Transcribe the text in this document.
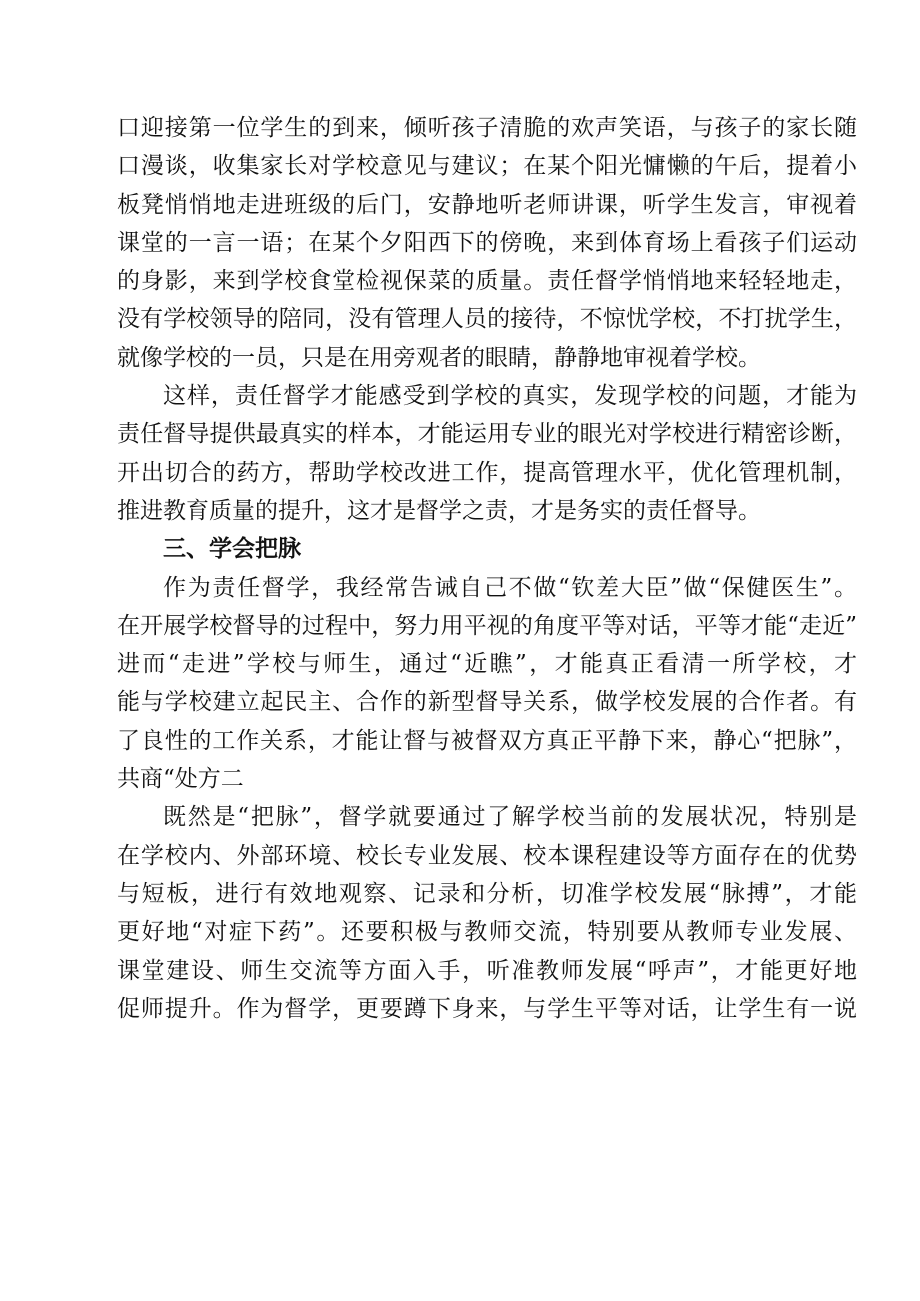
口迎接第一位学生的到来，倾听孩子清脆的欢声笑语，与孩子的家长随
口漫谈，收集家长对学校意见与建议；在某个阳光慵懒的午后，提着小
板凳悄悄地走进班级的后门，安静地听老师讲课，听学生发言，审视着
课堂的一言一语；在某个夕阳西下的傍晚，来到体育场上看孩子们运动
的身影，来到学校食堂检视保菜的质量。责任督学悄悄地来轻轻地走，
没有学校领导的陪同，没有管理人员的接待，不惊忧学校，不打扰学生，
就像学校的一员，只是在用旁观者的眼睛，静静地审视着学校。
这样，责任督学才能感受到学校的真实，发现学校的问题，才能为
责任督导提供最真实的样本，才能运用专业的眼光对学校进行精密诊断，
开出切合的药方，帮助学校改进工作，提高管理水平，优化管理机制，
推进教育质量的提升，这才是督学之责，才是务实的责任督导。
三、学会把脉
作为责任督学，我经常告诫自己不做“钦差大臣”做“保健医生”。
在开展学校督导的过程中，努力用平视的角度平等对话，平等才能“走近”
进而“走进”学校与师生，通过“近瞧”，才能真正看清一所学校，才
能与学校建立起民主、合作的新型督导关系，做学校发展的合作者。有
了良性的工作关系，才能让督与被督双方真正平静下来，静心“把脉”，
共商“处方二
既然是“把脉”，督学就要通过了解学校当前的发展状况，特别是
在学校内、外部环境、校长专业发展、校本课程建设等方面存在的优势
与短板，进行有效地观察、记录和分析，切准学校发展“脉搏”，才能
更好地“对症下药”。还要积极与教师交流，特别要从教师专业发展、
课堂建设、师生交流等方面入手，听准教师发展“呼声”，才能更好地
促师提升。作为督学，更要蹲下身来，与学生平等对话，让学生有一说
